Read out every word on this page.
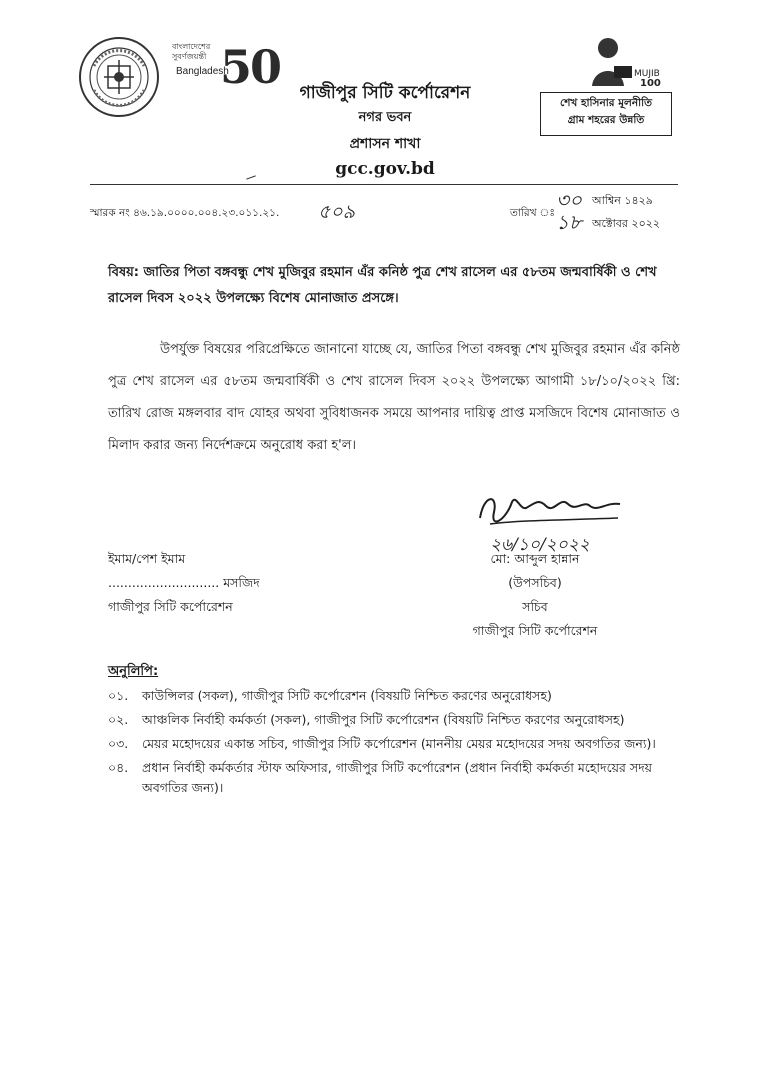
বাংলাদেশের
সুবর্ণজয়ন্তী
Bangladesh
50	MUJIB
100
গাজীপুর সিটি কর্পোরেশন
নগর ভবন
প্রশাসন শাখা
gcc.gov.bd
শেখ হাসিনার মূলনীতি
গ্রাম শহরের উন্নতি
স্মারক নং ৪৬.১৯.০০০০.০০৪.২৩.০১১.২১. ৫০৯	তারিখ ঃ
৩০
১৮
আশ্বিন ১৪২৯
অক্টোবর ২০২২
বিষয়: জাতির পিতা বঙ্গবন্ধু শেখ মুজিবুর রহমান এঁর কনিষ্ঠ পুত্র শেখ রাসেল এর ৫৮তম জন্মবার্ষিকী ও শেখ রাসেল দিবস ২০২২ উপলক্ষ্যে বিশেষ মোনাজাত প্রসঙ্গে।
উপর্যুক্ত বিষয়ের পরিপ্রেক্ষিতে জানানো যাচ্ছে যে, জাতির পিতা বঙ্গবন্ধু শেখ মুজিবুর রহমান এঁর কনিষ্ঠ পুত্র শেখ রাসেল এর ৫৮তম জন্মবার্ষিকী ও শেখ রাসেল দিবস ২০২২ উপলক্ষ্যে আগামী ১৮/১০/২০২২ খ্রি: তারিখ রোজ মঙ্গলবার বাদ যোহর অথবা সুবিধাজনক সময়ে আপনার দায়িত্ব প্রাপ্ত মসজিদে বিশেষ মোনাজাত ও মিলাদ করার জন্য নির্দেশক্রমে অনুরোধ করা হ'ল।
২৬/১০/২০২২
ইমাম/পেশ ইমাম
............................ মসজিদ
গাজীপুর সিটি কর্পোরেশন
মো: আব্দুল হান্নান
(উপসচিব)
সচিব
গাজীপুর সিটি কর্পোরেশন
অনুলিপি:
০১. কাউন্সিলর (সকল), গাজীপুর সিটি কর্পোরেশন (বিষয়টি নিশ্চিত করণের অনুরোধসহ)
০২. আঞ্চলিক নির্বাহী কর্মকর্তা (সকল), গাজীপুর সিটি কর্পোরেশন (বিষয়টি নিশ্চিত করণের অনুরোধসহ)
০৩. মেয়র মহোদয়ের একান্ত সচিব, গাজীপুর সিটি কর্পোরেশন (মাননীয় মেয়র মহোদয়ের সদয় অবগতির জন্য)।
০৪. প্রধান নির্বাহী কর্মকর্তার স্টাফ অফিসার, গাজীপুর সিটি কর্পোরেশন (প্রধান নির্বাহী কর্মকর্তা মহোদয়ের সদয় অবগতির জন্য)।
